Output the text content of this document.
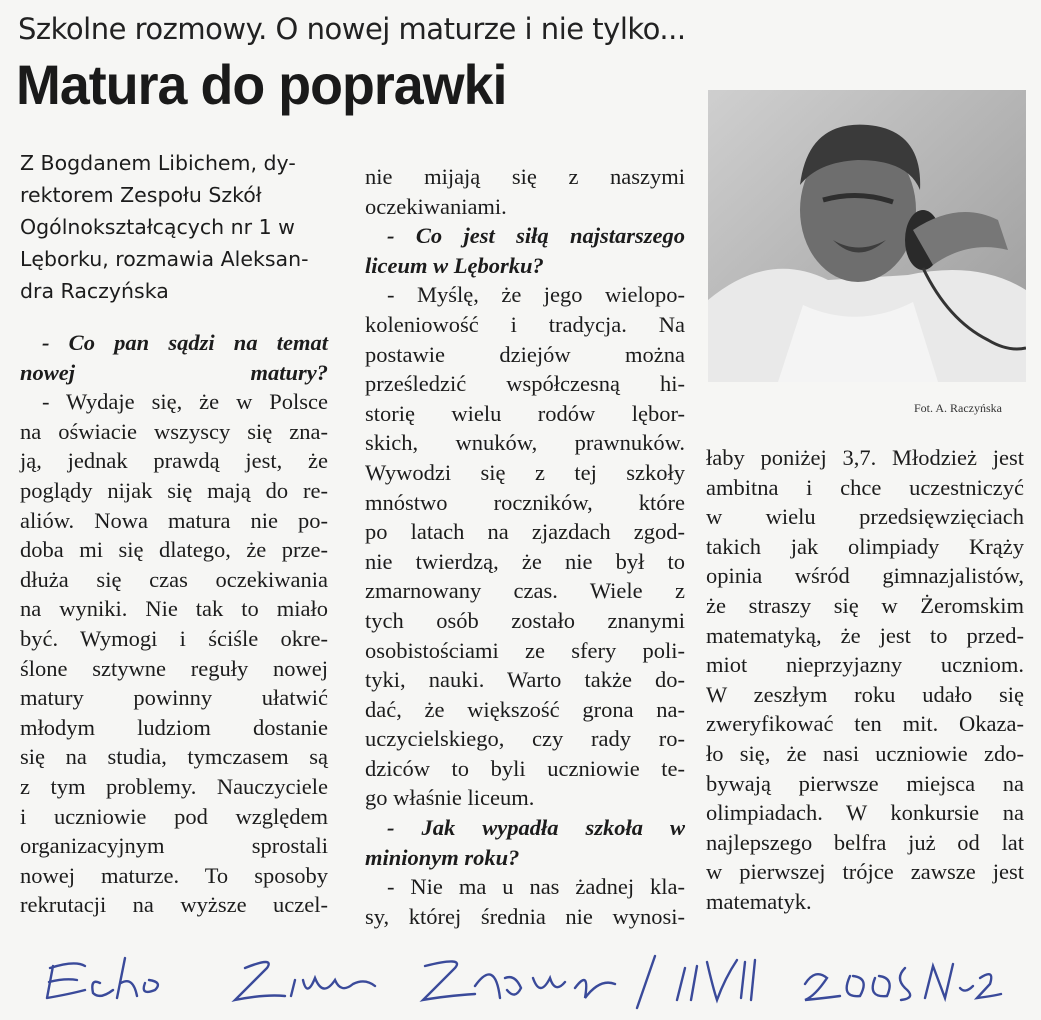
Szkolne rozmowy. O nowej maturze i nie tylko...
Matura do poprawki
Z Bogdanem Libichem, dy-
rektorem Zespołu Szkół
Ogólnokształcących nr 1 w
Lęborku, rozmawia Aleksan-
dra Raczyńska
- Co pan sądzi na temat
nowej matury?
- Wydaje się, że w Polsce
na oświacie wszyscy się zna-
ją, jednak prawdą jest, że
poglądy nijak się mają do re-
aliów. Nowa matura nie po-
doba mi się dlatego, że prze-
dłuża się czas oczekiwania
na wyniki. Nie tak to miało
być. Wymogi i ściśle okre-
ślone sztywne reguły nowej
matury powinny ułatwić
młodym ludziom dostanie
się na studia, tymczasem są
z tym problemy. Nauczyciele
i uczniowie pod względem
organizacyjnym sprostali
nowej maturze. To sposoby
rekrutacji na wyższe uczel-
nie mijają się z naszymi
oczekiwaniami.
- Co jest siłą najstarszego
liceum w Lęborku?
- Myślę, że jego wielopo-
koleniowość i tradycja. Na
postawie dziejów można
prześledzić współczesną hi-
storię wielu rodów lębor-
skich, wnuków, prawnuków.
Wywodzi się z tej szkoły
mnóstwo roczników, które
po latach na zjazdach zgod-
nie twierdzą, że nie był to
zmarnowany czas. Wiele z
tych osób zostało znanymi
osobistościami ze sfery poli-
tyki, nauki. Warto także do-
dać, że większość grona na-
uczycielskiego, czy rady ro-
dziców to byli uczniowie te-
go właśnie liceum.
- Jak wypadła szkoła w
minionym roku?
- Nie ma u nas żadnej kla-
sy, której średnia nie wynosi-
łaby poniżej 3,7. Młodzież jest
ambitna i chce uczestniczyć
w wielu przedsięwzięciach
takich jak olimpiady Krąży
opinia wśród gimnazjalistów,
że straszy się w Żeromskim
matematyką, że jest to przed-
miot nieprzyjazny uczniom.
W zeszłym roku udało się
zweryfikować ten mit. Okaza-
ło się, że nasi uczniowie zdo-
bywają pierwsze miejsca na
olimpiadach. W konkursie na
najlepszego belfra już od lat
w pierwszej trójce zawsze jest
matematyk.
Fot. A. Raczyńska
